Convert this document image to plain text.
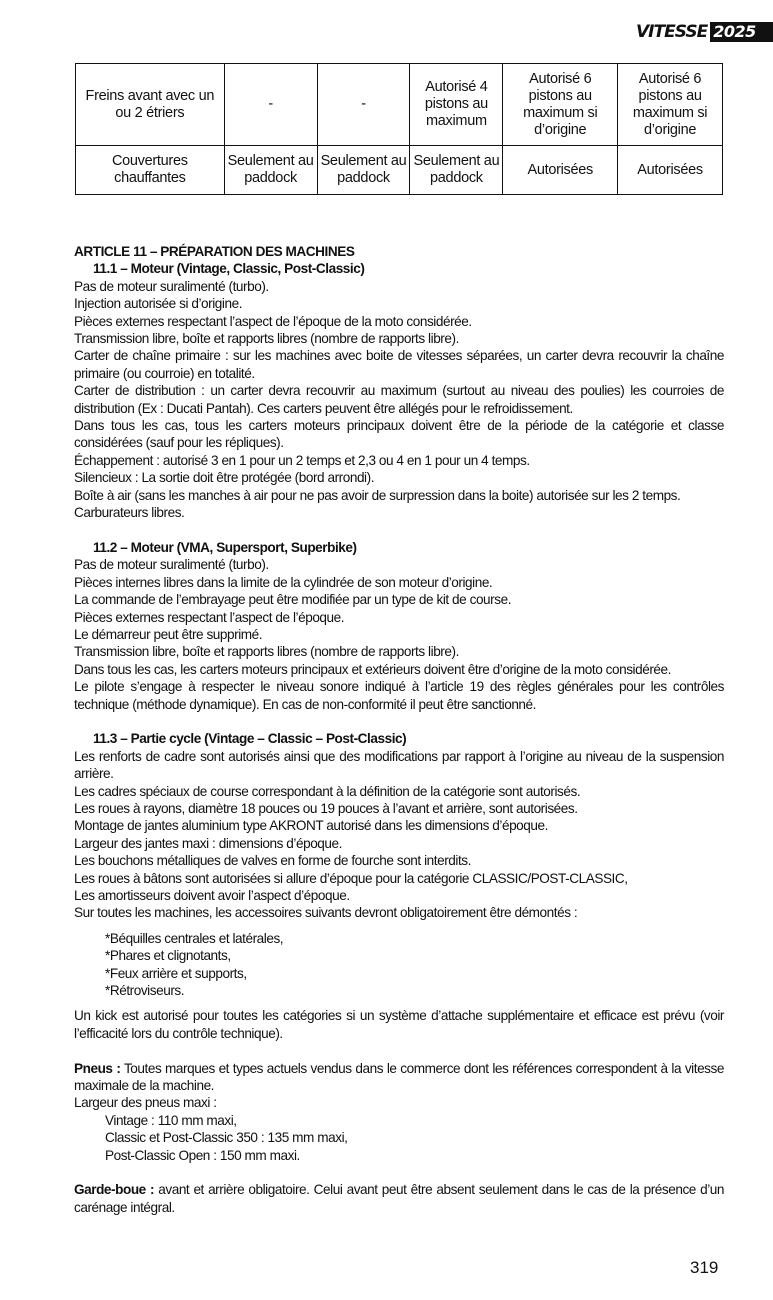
VITESSE 2025
Freins avant avec un ou 2 étriers	-	-	Autorisé 4 pistons au maximum	Autorisé 6 pistons au maximum si d’origine	Autorisé 6 pistons au maximum si d’origine
Couvertures chauffantes	Seulement au paddock	Seulement au paddock	Seulement au paddock	Autorisées	Autorisées

ARTICLE 11 – PRÉPARATION DES MACHINES

11.1 – Moteur (Vintage, Classic, Post-Classic)

Pas de moteur suralimenté (turbo).

Injection autorisée si d’origine.

Pièces externes respectant l’aspect de l’époque de la moto considérée.

Transmission libre, boîte et rapports libres (nombre de rapports libre).

Carter de chaîne primaire : sur les machines avec boite de vitesses séparées, un carter devra recouvrir la chaîne primaire (ou courroie) en totalité.

Carter de distribution : un carter devra recouvrir au maximum (surtout au niveau des poulies) les courroies de distribution (Ex : Ducati Pantah). Ces carters peuvent être allégés pour le refroidissement.

Dans tous les cas, tous les carters moteurs principaux doivent être de la période de la catégorie et classe considérées (sauf pour les répliques).

Échappement : autorisé 3 en 1 pour un 2 temps et 2,3 ou 4 en 1 pour un 4 temps.

Silencieux : La sortie doit être protégée (bord arrondi).

Boîte à air (sans les manches à air pour ne pas avoir de surpression dans la boite) autorisée sur les 2 temps.

Carburateurs libres.

11.2 – Moteur (VMA, Supersport, Superbike)

Pas de moteur suralimenté (turbo).

Pièces internes libres dans la limite de la cylindrée de son moteur d’origine.

La commande de l’embrayage peut être modifiée par un type de kit de course.

Pièces externes respectant l’aspect de l’époque.

Le démarreur peut être supprimé.

Transmission libre, boîte et rapports libres (nombre de rapports libre).

Dans tous les cas, les carters moteurs principaux et extérieurs doivent être d’origine de la moto considérée.

Le pilote s’engage à respecter le niveau sonore indiqué à l’article 19 des règles générales pour les contrôles technique (méthode dynamique). En cas de non-conformité il peut être sanctionné.

11.3 – Partie cycle (Vintage – Classic – Post-Classic)

Les renforts de cadre sont autorisés ainsi que des modifications par rapport à l’origine au niveau de la suspension arrière.

Les cadres spéciaux de course correspondant à la définition de la catégorie sont autorisés.

Les roues à rayons, diamètre 18 pouces ou 19 pouces à l’avant et arrière, sont autorisées.

Montage de jantes aluminium type AKRONT autorisé dans les dimensions d’époque.

Largeur des jantes maxi : dimensions d’époque.

Les bouchons métalliques de valves en forme de fourche sont interdits.

Les roues à bâtons sont autorisées si allure d’époque pour la catégorie CLASSIC/POST-CLASSIC,

Les amortisseurs doivent avoir l’aspect d’époque.

Sur toutes les machines, les accessoires suivants devront obligatoirement être démontés :

*Béquilles centrales et latérales,

*Phares et clignotants,

*Feux arrière et supports,

*Rétroviseurs.

Un kick est autorisé pour toutes les catégories si un système d’attache supplémentaire et efficace est prévu (voir l’efficacité lors du contrôle technique).

Pneus : Toutes marques et types actuels vendus dans le commerce dont les références correspondent à la vitesse maximale de la machine.

Largeur des pneus maxi :

Vintage : 110 mm maxi,

Classic et Post-Classic 350 : 135 mm maxi,

Post-Classic Open : 150 mm maxi.

Garde-boue : avant et arrière obligatoire. Celui avant peut être absent seulement dans le cas de la présence d’un carénage intégral.

319
